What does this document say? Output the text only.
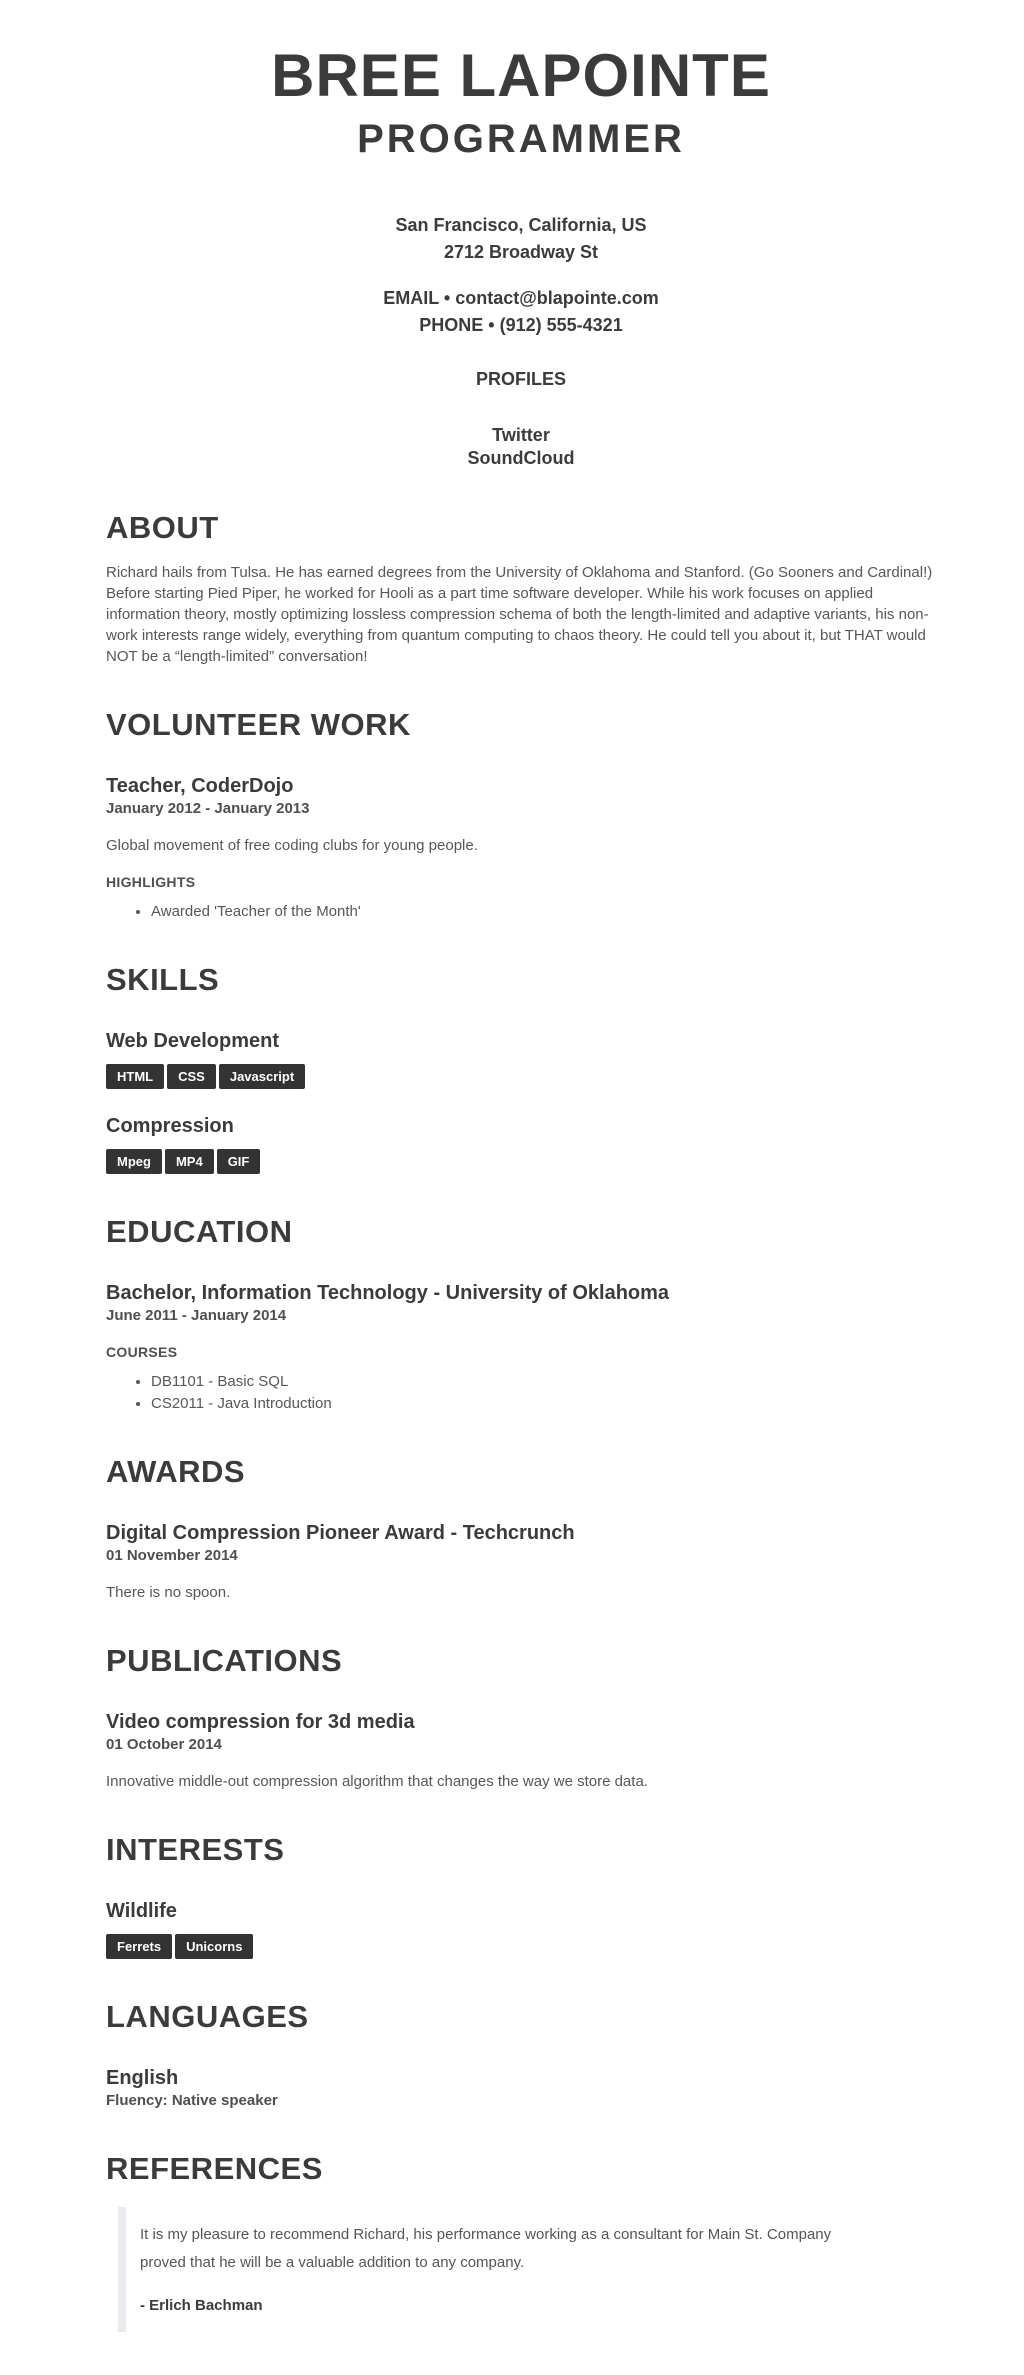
BREE LAPOINTE
PROGRAMMER

San Francisco, California, US

2712 Broadway St

EMAIL • contact@blapointe.com

PHONE • (912) 555-4321

PROFILES

Twitter
SoundCloud
ABOUT

Richard hails from Tulsa. He has earned degrees from the University of Oklahoma and Stanford. (Go Sooners and Cardinal!) Before starting Pied Piper, he worked for Hooli as a part time software developer. While his work focuses on applied information theory, mostly optimizing lossless compression schema of both the length-limited and adaptive variants, his non-work interests range widely, everything from quantum computing to chaos theory. He could tell you about it, but THAT would NOT be a “length-limited” conversation!

VOLUNTEER WORK
Teacher, CoderDojo
January 2012 - January 2013

Global movement of free coding clubs for young people.

HIGHLIGHTS
• Awarded 'Teacher of the Month'
SKILLS
Web Development
HTML	CSS	Javascript
Compression
Mpeg	MP4	GIF
EDUCATION
Bachelor, Information Technology - University of Oklahoma
June 2011 - January 2014
COURSES
• DB1101 - Basic SQL
• CS2011 - Java Introduction
AWARDS
Digital Compression Pioneer Award - Techcrunch
01 November 2014

There is no spoon.

PUBLICATIONS
Video compression for 3d media
01 October 2014

Innovative middle-out compression algorithm that changes the way we store data.

INTERESTS
Wildlife
Ferrets	Unicorns
LANGUAGES
English
Fluency: Native speaker
REFERENCES

It is my pleasure to recommend Richard, his performance working as a consultant for Main St. Company proved that he will be a valuable addition to any company.

- Erlich Bachman
